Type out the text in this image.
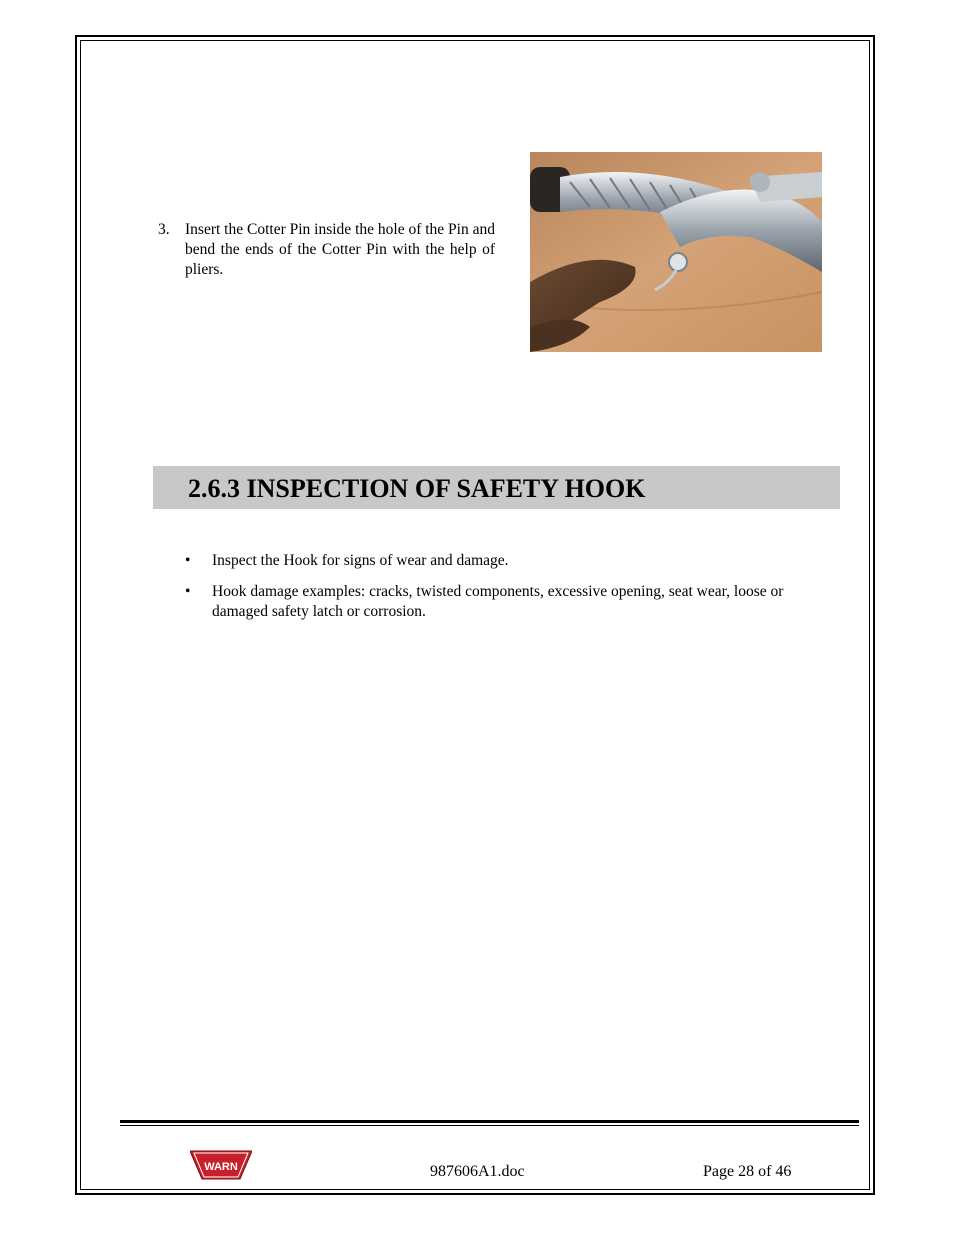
3. Insert the Cotter Pin inside the hole of the Pin and bend the ends of the Cotter Pin with the help of pliers.
2.6.3 INSPECTION OF SAFETY HOOK
• Inspect the Hook for signs of wear and damage.
• Hook damage examples: cracks, twisted components, excessive opening, seat wear, loose or damaged safety latch or corrosion.
WARN	987606A1.doc	Page 28 of 46
